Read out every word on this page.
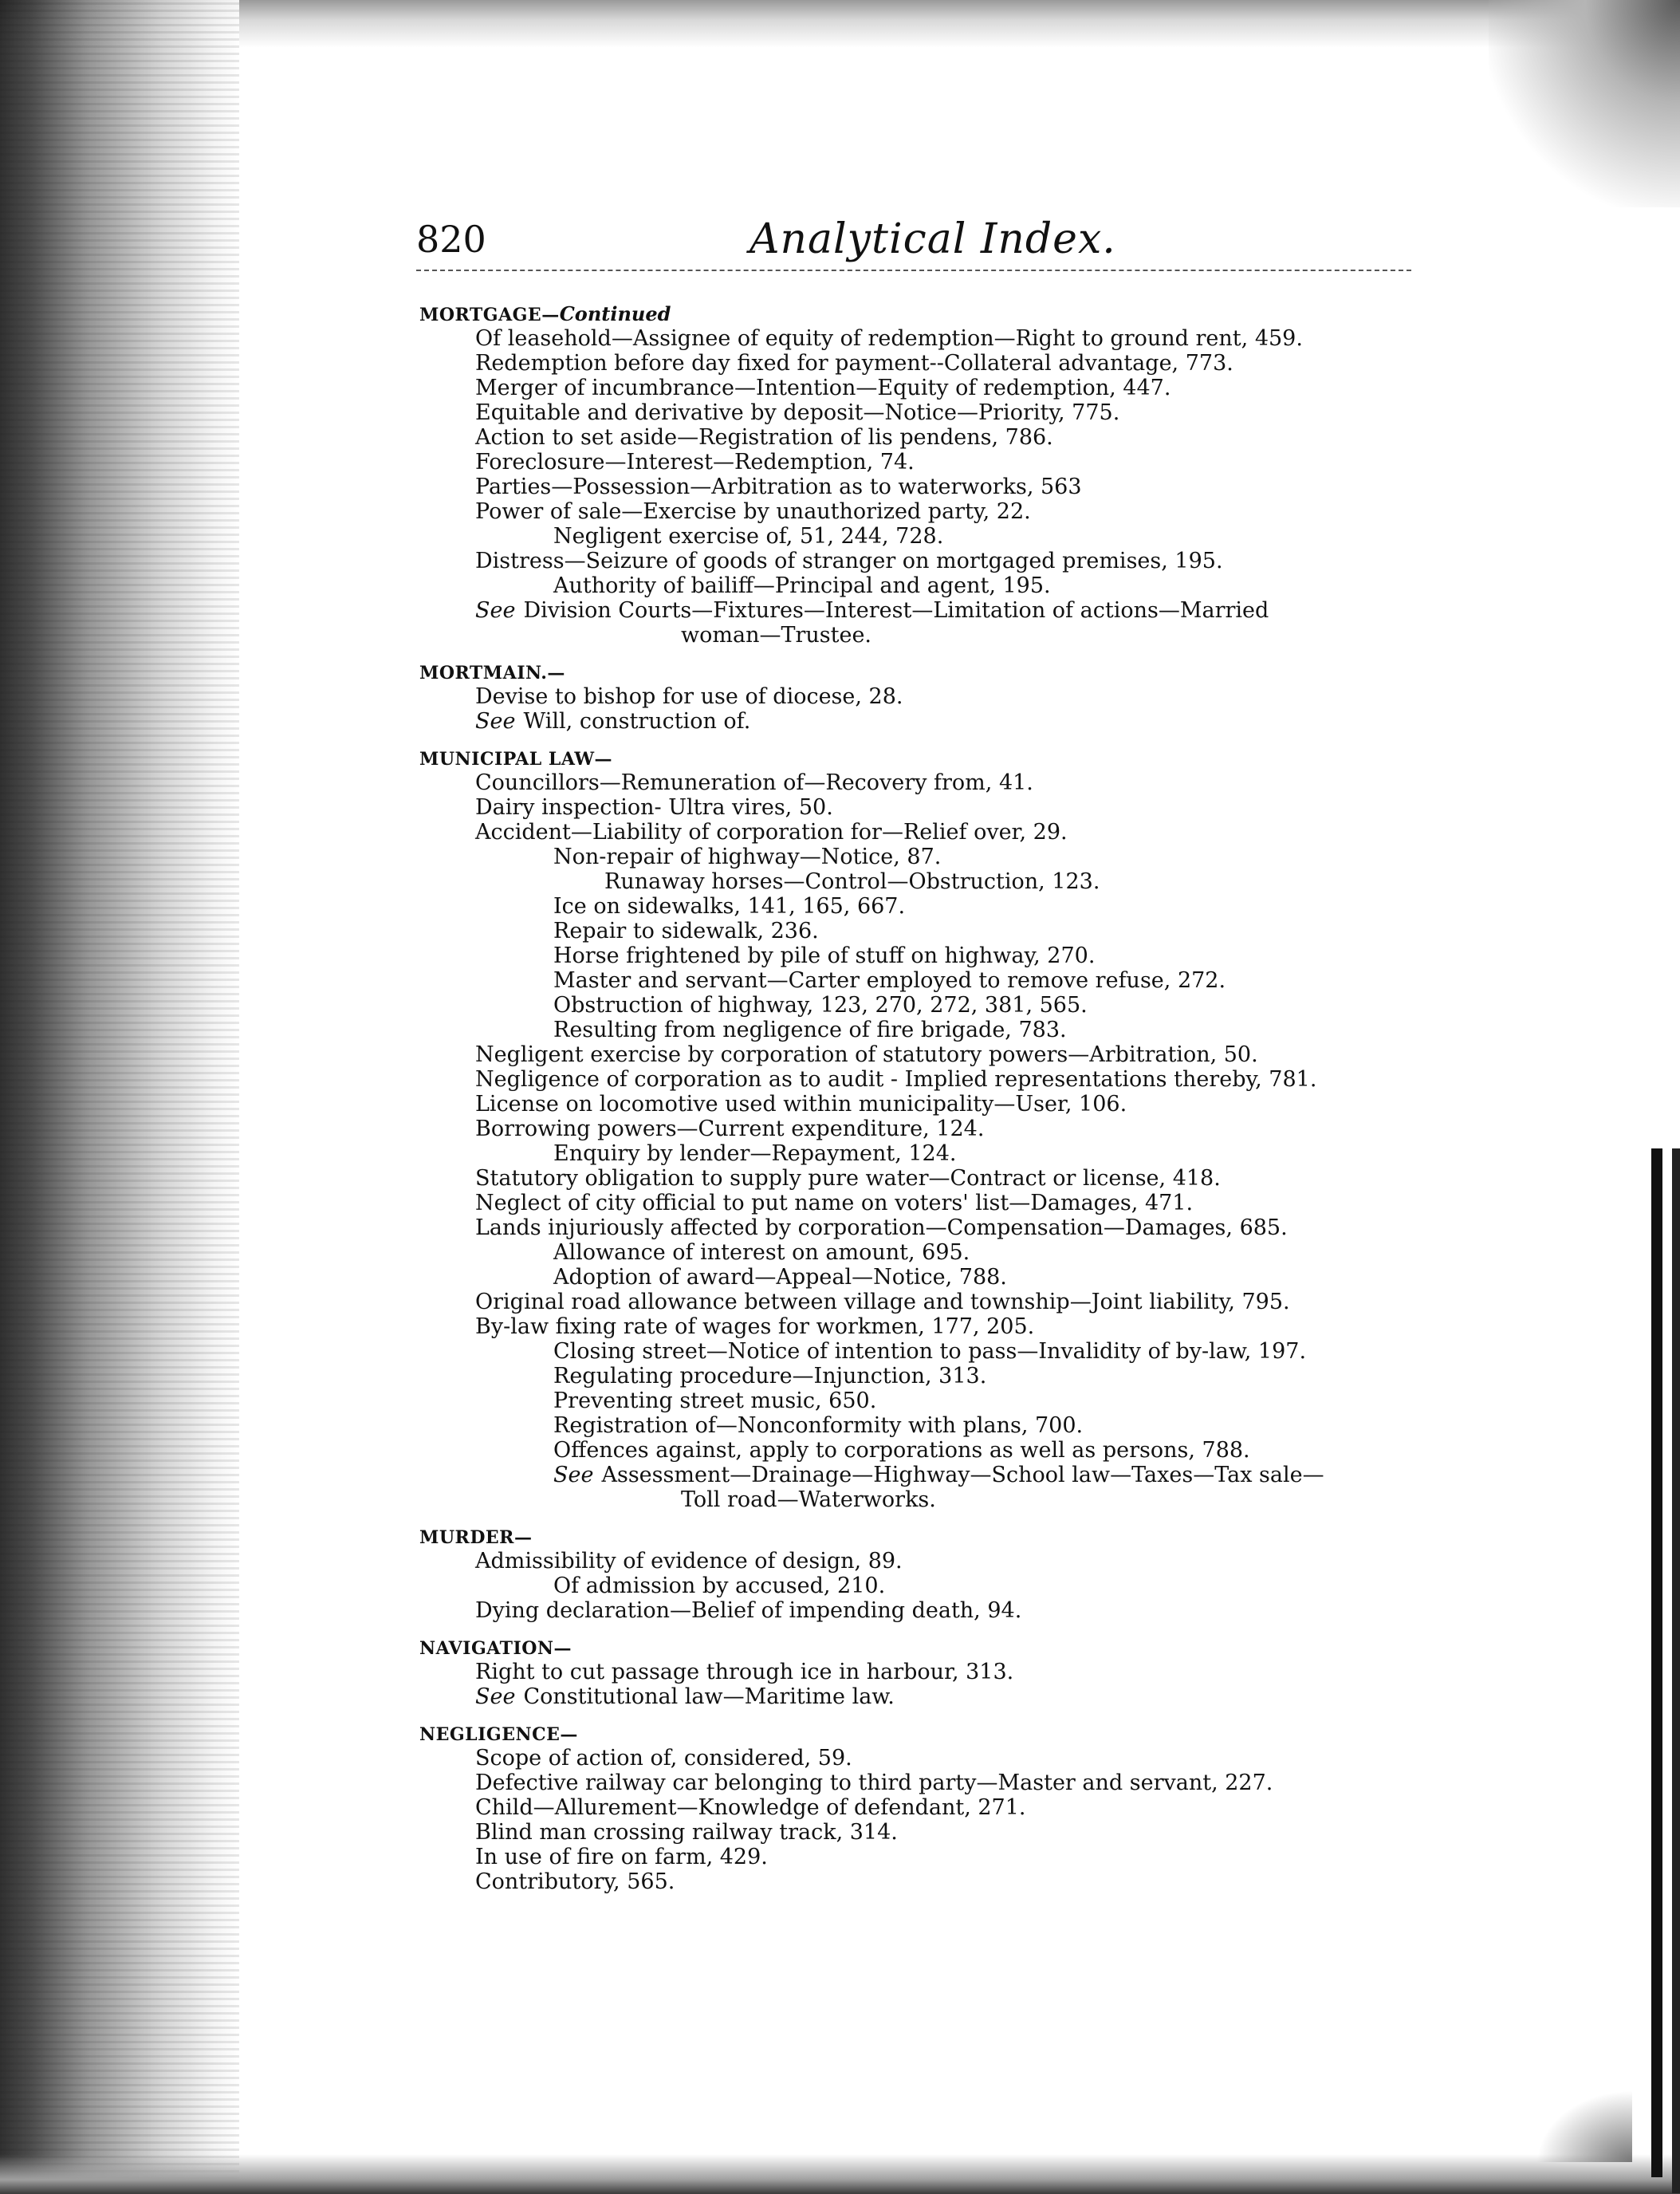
820	Analytical Index.
MORTGAGE—Continued
Of leasehold—Assignee of equity of redemption—Right to ground rent, 459.
Redemption before day fixed for payment--Collateral advantage, 773.
Merger of incumbrance—Intention—Equity of redemption, 447.
Equitable and derivative by deposit—Notice—Priority, 775.
Action to set aside—Registration of lis pendens, 786.
Foreclosure—Interest—Redemption, 74.
Parties—Possession—Arbitration as to waterworks, 563
Power of sale—Exercise by unauthorized party, 22.
Negligent exercise of, 51, 244, 728.
Distress—Seizure of goods of stranger on mortgaged premises, 195.
Authority of bailiff—Principal and agent, 195.
See Division Courts—Fixtures—Interest—Limitation of actions—Married
woman—Trustee.
MORTMAIN.—
Devise to bishop for use of diocese, 28.
See Will, construction of.
MUNICIPAL LAW—
Councillors—Remuneration of—Recovery from, 41.
Dairy inspection- Ultra vires, 50.
Accident—Liability of corporation for—Relief over, 29.
Non-repair of highway—Notice, 87.
Runaway horses—Control—Obstruction, 123.
Ice on sidewalks, 141, 165, 667.
Repair to sidewalk, 236.
Horse frightened by pile of stuff on highway, 270.
Master and servant—Carter employed to remove refuse, 272.
Obstruction of highway, 123, 270, 272, 381, 565.
Resulting from negligence of fire brigade, 783.
Negligent exercise by corporation of statutory powers—Arbitration, 50.
Negligence of corporation as to audit - Implied representations thereby, 781.
License on locomotive used within municipality—User, 106.
Borrowing powers—Current expenditure, 124.
Enquiry by lender—Repayment, 124.
Statutory obligation to supply pure water—Contract or license, 418.
Neglect of city official to put name on voters' list—Damages, 471.
Lands injuriously affected by corporation—Compensation—Damages, 685.
Allowance of interest on amount, 695.
Adoption of award—Appeal—Notice, 788.
Original road allowance between village and township—Joint liability, 795.
By-law fixing rate of wages for workmen, 177, 205.
Closing street—Notice of intention to pass—Invalidity of by-law, 197.
Regulating procedure—Injunction, 313.
Preventing street music, 650.
Registration of—Nonconformity with plans, 700.
Offences against, apply to corporations as well as persons, 788.
See Assessment—Drainage—Highway—School law—Taxes—Tax sale—
Toll road—Waterworks.
MURDER—
Admissibility of evidence of design, 89.
Of admission by accused, 210.
Dying declaration—Belief of impending death, 94.
NAVIGATION—
Right to cut passage through ice in harbour, 313.
See Constitutional law—Maritime law.
NEGLIGENCE—
Scope of action of, considered, 59.
Defective railway car belonging to third party—Master and servant, 227.
Child—Allurement—Knowledge of defendant, 271.
Blind man crossing railway track, 314.
In use of fire on farm, 429.
Contributory, 565.
